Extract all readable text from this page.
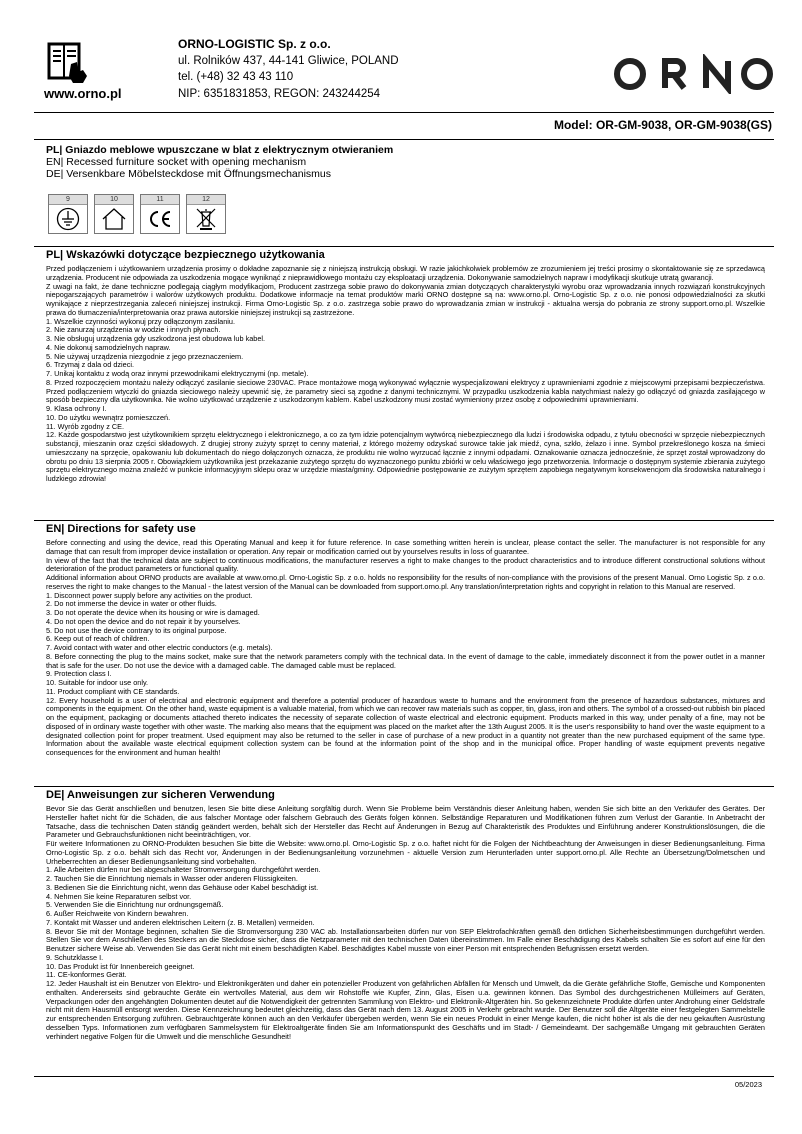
www.orno.pl
ORNO-LOGISTIC Sp. z o.o.
ul. Rolników 437, 44-141 Gliwice, POLAND
tel. (+48) 32 43 43 110
NIP: 6351831853, REGON: 243244254
Model: OR-GM-9038, OR-GM-9038(GS)
PL| Gniazdo meblowe wpuszczane w blat z elektrycznym otwieraniem
EN| Recessed furniture socket with opening mechanism
DE| Versenkbare Möbelsteckdose mit Öffnungsmechanismus
9	10	11	12
PL| Wskazówki dotyczące bezpiecznego użytkowania

Przed podłączeniem i użytkowaniem urządzenia prosimy o dokładne zapoznanie się z niniejszą instrukcją obsługi. W razie jakichkolwiek problemów ze zrozumieniem jej treści prosimy o skontaktowanie się ze sprzedawcą urządzenia. Producent nie odpowiada za uszkodzenia mogące wyniknąć z nieprawidłowego montażu czy eksploatacji urządzenia. Dokonywanie samodzielnych napraw i modyfikacji skutkuje utratą gwarancji.

Z uwagi na fakt, że dane techniczne podlegają ciągłym modyfikacjom, Producent zastrzega sobie prawo do dokonywania zmian dotyczących charakterystyki wyrobu oraz wprowadzania innych rozwiązań konstrukcyjnych niepogarszających parametrów i walorów użytkowych produktu. Dodatkowe informacje na temat produktów marki ORNO dostępne są na: www.orno.pl. Orno-Logistic Sp. z o.o. nie ponosi odpowiedzialności za skutki wynikające z nieprzestrzegania zaleceń niniejszej instrukcji. Firma Orno-Logistic Sp. z o.o. zastrzega sobie prawo do wprowadzania zmian w instrukcji - aktualna wersja do pobrania ze strony support.orno.pl. Wszelkie prawa do tłumaczenia/interpretowania oraz prawa autorskie niniejszej instrukcji są zastrzeżone.

1. Wszelkie czynności wykonuj przy odłączonym zasilaniu.

2. Nie zanurzaj urządzenia w wodzie i innych płynach.

3. Nie obsługuj urządzenia gdy uszkodzona jest obudowa lub kabel.

4. Nie dokonuj samodzielnych napraw.

5. Nie używaj urządzenia niezgodnie z jego przeznaczeniem.

6. Trzymaj z dala od dzieci.

7. Unikaj kontaktu z wodą oraz innymi przewodnikami elektrycznymi (np. metale).

8. Przed rozpoczęciem montażu należy odłączyć zasilanie sieciowe 230VAC. Prace montażowe mogą wykonywać wyłącznie wyspecjalizowani elektrycy z uprawnieniami zgodnie z miejscowymi przepisami bezpieczeństwa. Przed podłączeniem wtyczki do gniazda sieciowego należy upewnić się, że parametry sieci są zgodne z danymi technicznymi. W przypadku uszkodzenia kabla natychmiast należy go odłączyć od gniazda zasilającego w sposób bezpieczny dla użytkownika. Nie wolno użytkować urządzenie z uszkodzonym kablem. Kabel uszkodzony musi zostać wymieniony przez osobę z odpowiednimi uprawnieniami.

9. Klasa ochrony I.

10. Do użytku wewnątrz pomieszczeń.

11. Wyrób zgodny z CE.

12. Każde gospodarstwo jest użytkownikiem sprzętu elektrycznego i elektronicznego, a co za tym idzie potencjalnym wytwórcą niebezpiecznego dla ludzi i środowiska odpadu, z tytułu obecności w sprzęcie niebezpiecznych substancji, mieszanin oraz części składowych. Z drugiej strony zużyty sprzęt to cenny materiał, z którego możemy odzyskać surowce takie jak miedź, cyna, szkło, żelazo i inne. Symbol przekreślonego kosza na śmieci umieszczany na sprzęcie, opakowaniu lub dokumentach do niego dołączonych oznacza, że produktu nie wolno wyrzucać łącznie z innymi odpadami. Oznakowanie oznacza jednocześnie, że sprzęt został wprowadzony do obrotu po dniu 13 sierpnia 2005 r. Obowiązkiem użytkownika jest przekazanie zużytego sprzętu do wyznaczonego punktu zbiórki w celu właściwego jego przetworzenia. Informacje o dostępnym systemie zbierania zużytego sprzętu elektrycznego można znaleźć w punkcie informacyjnym sklepu oraz w urzędzie miasta/gminy. Odpowiednie postępowanie ze zużytym sprzętem zapobiega negatywnym konsekwencjom dla środowiska naturalnego i ludzkiego zdrowia!

EN| Directions for safety use

Before connecting and using the device, read this Operating Manual and keep it for future reference. In case something written herein is unclear, please contact the seller. The manufacturer is not responsible for any damage that can result from improper device installation or operation. Any repair or modification carried out by yourselves results in loss of guarantee.

In view of the fact that the technical data are subject to continuous modifications, the manufacturer reserves a right to make changes to the product characteristics and to introduce different constructional solutions without deterioration of the product parameters or functional quality.

Additional information about ORNO products are available at www.orno.pl. Orno-Logistic Sp. z o.o. holds no responsibility for the results of non-compliance with the provisions of the present Manual. Orno Logistic Sp. z o.o. reserves the right to make changes to the Manual - the latest version of the Manual can be downloaded from support.orno.pl. Any translation/interpretation rights and copyright in relation to this Manual are reserved.

1. Disconnect power supply before any activities on the product.

2. Do not immerse the device in water or other fluids.

3. Do not operate the device when its housing or wire is damaged.

4. Do not open the device and do not repair it by yourselves.

5. Do not use the device contrary to its original purpose.

6. Keep out of reach of children.

7. Avoid contact with water and other electric conductors (e.g. metals).

8. Before connecting the plug to the mains socket, make sure that the network parameters comply with the technical data. In the event of damage to the cable, immediately disconnect it from the power outlet in a manner that is safe for the user. Do not use the device with a damaged cable. The damaged cable must be replaced.

9. Protection class I.

10. Suitable for indoor use only.

11. Product compliant with CE standards.

12. Every household is a user of electrical and electronic equipment and therefore a potential producer of hazardous waste to humans and the environment from the presence of hazardous substances, mixtures and components in the equipment. On the other hand, waste equipment is a valuable material, from which we can recover raw materials such as copper, tin, glass, iron and others. The symbol of a crossed-out rubbish bin placed on the equipment, packaging or documents attached thereto indicates the necessity of separate collection of waste electrical and electronic equipment. Products marked in this way, under penalty of a fine, may not be disposed of in ordinary waste together with other waste. The marking also means that the equipment was placed on the market after the 13th August 2005. It is the user's responsibility to hand over the waste equipment to a designated collection point for proper treatment. Used equipment may also be returned to the seller in case of purchase of a new product in a quantity not greater than the new purchased equipment of the same type. Information about the available waste electrical equipment collection system can be found at the information point of the shop and in the municipal office. Proper handling of waste equipment prevents negative consequences for the environment and human health!

DE| Anweisungen zur sicheren Verwendung

Bevor Sie das Gerät anschließen und benutzen, lesen Sie bitte diese Anleitung sorgfältig durch. Wenn Sie Probleme beim Verständnis dieser Anleitung haben, wenden Sie sich bitte an den Verkäufer des Gerätes. Der Hersteller haftet nicht für die Schäden, die aus falscher Montage oder falschem Gebrauch des Geräts folgen können. Selbständige Reparaturen und Modifikationen führen zum Verlust der Garantie. In Anbetracht der Tatsache, dass die technischen Daten ständig geändert werden, behält sich der Hersteller das Recht auf Änderungen in Bezug auf Charakteristik des Produktes und Einführung anderer Konstruktionslösungen, die die Parameter und Gebrauchsfunktionen nicht beeinträchtigen, vor.

Für weitere Informationen zu ORNO-Produkten besuchen Sie bitte die Website: www.orno.pl. Orno-Logistic Sp. z o.o. haftet nicht für die Folgen der Nichtbeachtung der Anweisungen in dieser Bedienungsanleitung. Firma Orno-Logistic Sp. z o.o. behält sich das Recht vor, Änderungen in der Bedienungsanleitung vorzunehmen - aktuelle Version zum Herunterladen unter support.orno.pl. Alle Rechte an Übersetzung/Dolmetschen und Urheberrechten an dieser Bedienungsanleitung sind vorbehalten.

1. Alle Arbeiten dürfen nur bei abgeschalteter Stromversorgung durchgeführt werden.

2. Tauchen Sie die Einrichtung niemals in Wasser oder anderen Flüssigkeiten.

3. Bedienen Sie die Einrichtung nicht, wenn das Gehäuse oder Kabel beschädigt ist.

4. Nehmen Sie keine Reparaturen selbst vor.

5. Verwenden Sie die Einrichtung nur ordnungsgemäß.

6. Außer Reichweite von Kindern bewahren.

7. Kontakt mit Wasser und anderen elektrischen Leitern (z. B. Metallen) vermeiden.

8. Bevor Sie mit der Montage beginnen, schalten Sie die Stromversorgung 230 VAC ab. Installationsarbeiten dürfen nur von SEP Elektrofachkräften gemäß den örtlichen Sicherheitsbestimmungen durchgeführt werden. Stellen Sie vor dem Anschließen des Steckers an die Steckdose sicher, dass die Netzparameter mit den technischen Daten übereinstimmen. Im Falle einer Beschädigung des Kabels schalten Sie es sofort auf eine für den Benutzer sichere Weise ab. Verwenden Sie das Gerät nicht mit einem beschädigten Kabel. Beschädigtes Kabel musste von einer Person mit entsprechenden Befugnissen ersetzt werden.

9. Schutzklasse I.

10. Das Produkt ist für Innenbereich geeignet.

11. CE-konformes Gerät.

12. Jeder Haushalt ist ein Benutzer von Elektro- und Elektronikgeräten und daher ein potenzieller Produzent von gefährlichen Abfällen für Mensch und Umwelt, da die Geräte gefährliche Stoffe, Gemische und Komponenten enthalten. Andererseits sind gebrauchte Geräte ein wertvolles Material, aus dem wir Rohstoffe wie Kupfer, Zinn, Glas, Eisen u.a. gewinnen können. Das Symbol des durchgestrichenen Mülleimers auf Geräten, Verpackungen oder den angehängten Dokumenten deutet auf die Notwendigkeit der getrennten Sammlung von Elektro- und Elektronik-Altgeräten hin. So gekennzeichnete Produkte dürfen unter Androhung einer Geldstrafe nicht mit dem Hausmüll entsorgt werden. Diese Kennzeichnung bedeutet gleichzeitig, dass das Gerät nach dem 13. August 2005 in Verkehr gebracht wurde. Der Benutzer soll die Altgeräte einer festgelegten Sammelstelle zur entsprechenden Entsorgung zuführen. Gebrauchtgeräte können auch an den Verkäufer übergeben werden, wenn Sie ein neues Produkt in einer Menge kaufen, die nicht höher ist als die der neu gekauften Ausrüstung desselben Typs. Informationen zum verfügbaren Sammelsystem für Elektroaltgeräte finden Sie am Informationspunkt des Geschäfts und im Stadt- / Gemeindeamt. Der sachgemäße Umgang mit gebrauchten Geräten verhindert negative Folgen für die Umwelt und die menschliche Gesundheit!

05/2023
